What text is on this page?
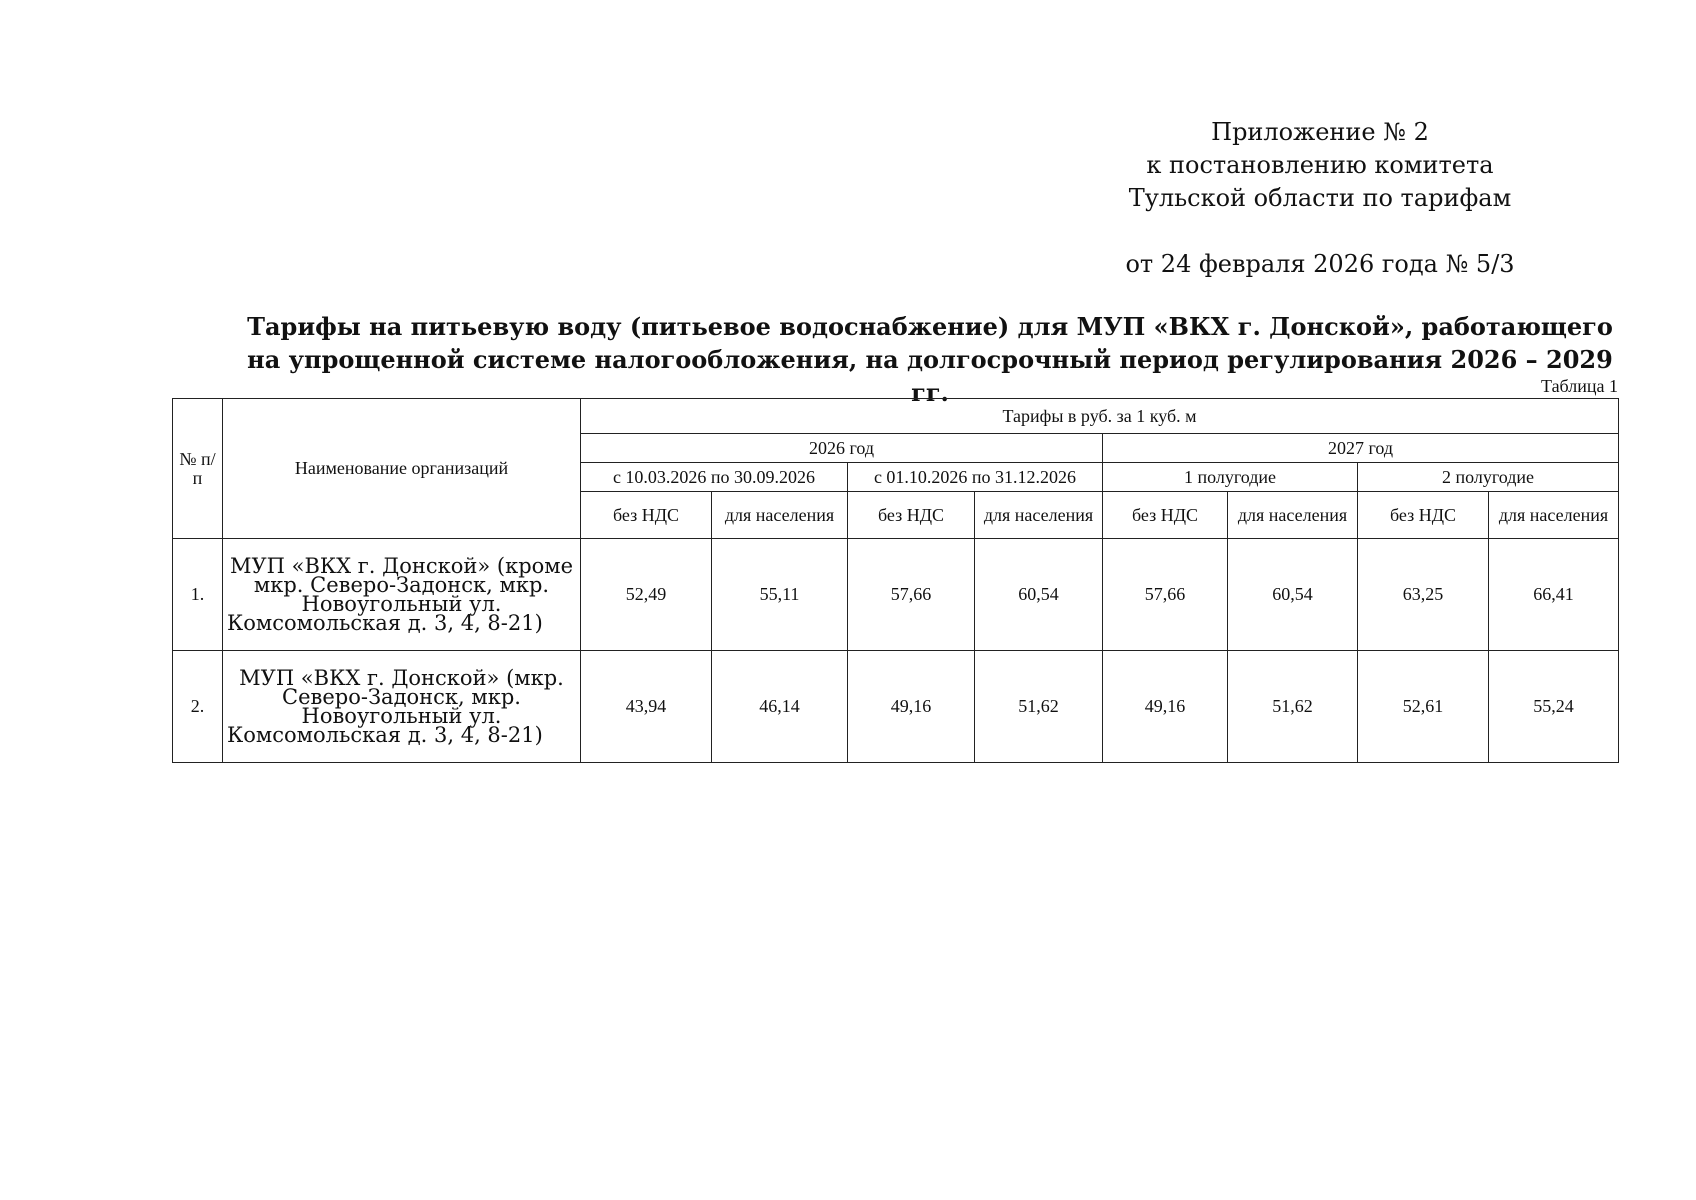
Приложение № 2
к постановлению комитета
Тульской области по тарифам
от 24 февраля 2026 года № 5/3
Тарифы на питьевую воду (питьевое водоснабжение) для МУП «ВКХ г. Донской», работающего на упрощенной системе налогообложения, на долгосрочный период регулирования 2026 – 2029 гг.	Таблица 1
№ п/п	Наименование организаций	Тарифы в руб. за 1 куб. м							
		2026 год				2027 год			
		с 10.03.2026 по 30.09.2026		с 01.10.2026 по 31.12.2026		1 полугодие		2 полугодие	
		без НДС	для населения	без НДС	для населения	без НДС	для населения	без НДС	для населения
1.	МУП «ВКХ г. Донской» (кроме мкр. Северо-Задонск, мкр. Новоугольный ул. Комсомольская д. 3, 4, 8-21)	52,49	55,11	57,66	60,54	57,66	60,54	63,25	66,41
2.	МУП «ВКХ г. Донской» (мкр. Северо-Задонск, мкр. Новоугольный ул. Комсомольская д. 3, 4, 8-21)	43,94	46,14	49,16	51,62	49,16	51,62	52,61	55,24
